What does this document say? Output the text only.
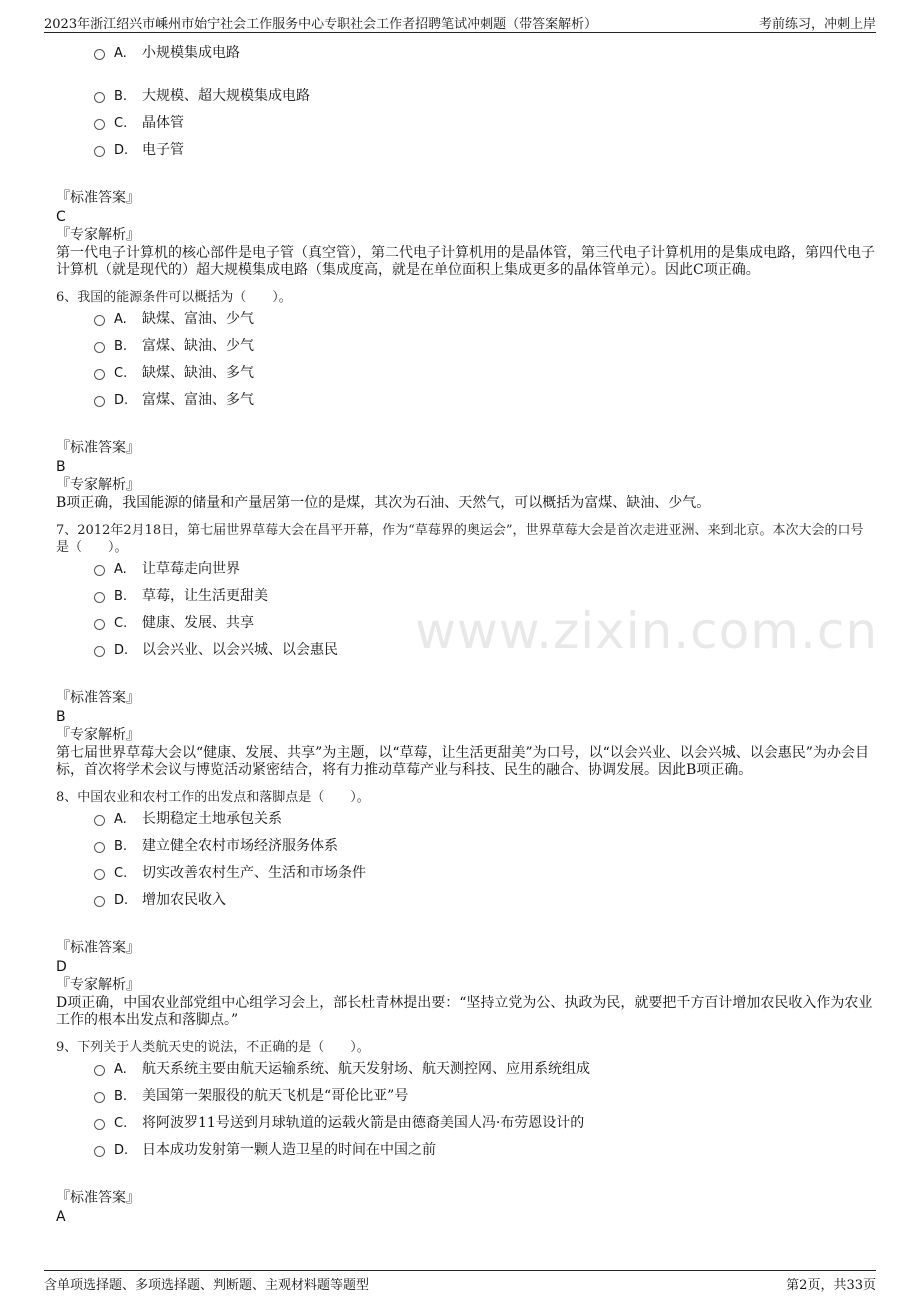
2023年浙江绍兴市嵊州市始宁社会工作服务中心专职社会工作者招聘笔试冲刺题（带答案解析）	考前练习，冲刺上岸
www.zixin.com.cn
A.	小规模集成电路
B.	大规模、超大规模集成电路
C.	晶体管
D. 电子管
『标准答案』
C
『专家解析』
第一代电子计算机的核心部件是电子管（真空管），第二代电子计算机用的是晶体管，第三代电子计算机用的是集成电路，第四代电子计算机（就是现代的）超大规模集成电路（集成度高，就是在单位面积上集成更多的晶体管单元）。因此C项正确。
6、我国的能源条件可以概括为（　　）。
A.	缺煤、富油、少气
B.	富煤、缺油、少气
C.	缺煤、缺油、多气
D. 富煤、富油、多气
『标准答案』
B
『专家解析』
B项正确，我国能源的储量和产量居第一位的是煤，其次为石油、天然气，可以概括为富煤、缺油、少气。
7、2012年2月18日，第七届世界草莓大会在昌平开幕，作为“草莓界的奥运会”，世界草莓大会是首次走进亚洲、来到北京。本次大会的口号是（　　）。
A.	让草莓走向世界
B.	草莓，让生活更甜美
C.	健康、发展、共享
D. 以会兴业、以会兴城、以会惠民
『标准答案』
B
『专家解析』
第七届世界草莓大会以“健康、发展、共享”为主题，以“草莓，让生活更甜美”为口号，以“以会兴业、以会兴城、以会惠民”为办会目标，首次将学术会议与博览活动紧密结合，将有力推动草莓产业与科技、民生的融合、协调发展。因此B项正确。
8、中国农业和农村工作的出发点和落脚点是（　　）。
A.	长期稳定土地承包关系
B.	建立健全农村市场经济服务体系
C.	切实改善农村生产、生活和市场条件
D. 增加农民收入
『标准答案』
D
『专家解析』
D项正确，中国农业部党组中心组学习会上，部长杜青林提出要：“坚持立党为公、执政为民，就要把千方百计增加农民收入作为农业工作的根本出发点和落脚点。”
9、下列关于人类航天史的说法，不正确的是（　　）。
A.	航天系统主要由航天运输系统、航天发射场、航天测控网、应用系统组成
B.	美国第一架服役的航天飞机是“哥伦比亚”号
C.	将阿波罗11号送到月球轨道的运载火箭是由德裔美国人冯·布劳恩设计的
D. 日本成功发射第一颗人造卫星的时间在中国之前
『标准答案』
A
含单项选择题、多项选择题、判断题、主观材料题等题型	第2页，共33页
